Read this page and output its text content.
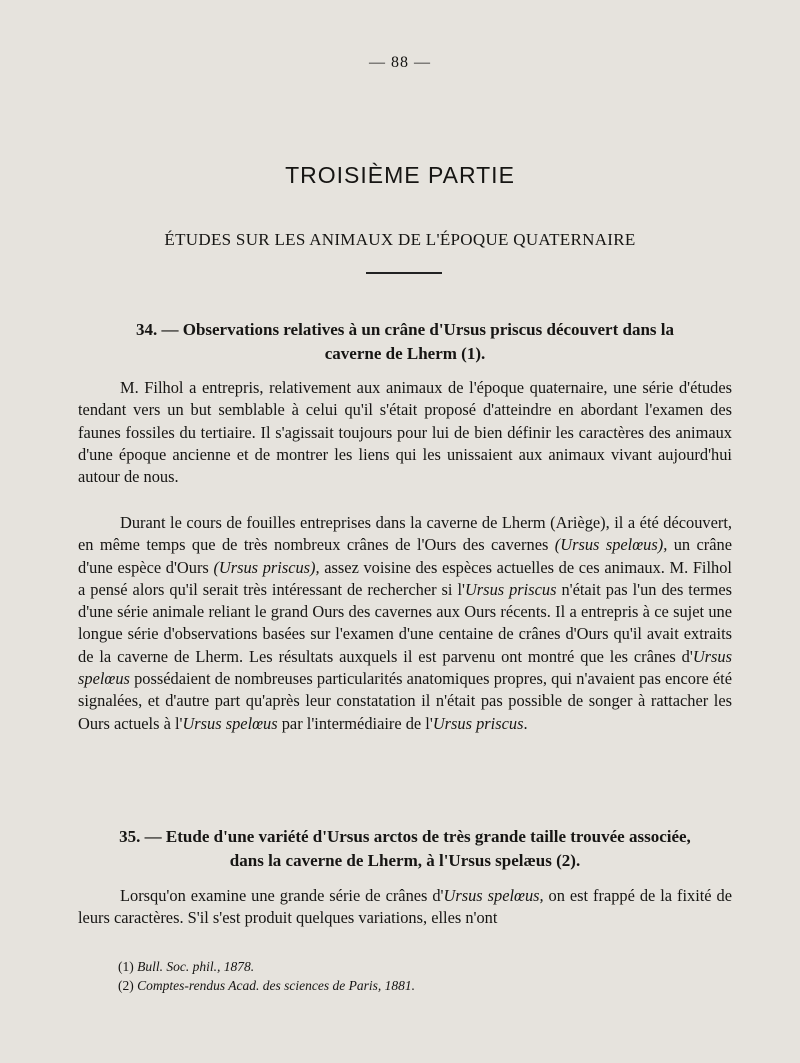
— 88 —
TROISIÈME PARTIE
ÉTUDES SUR LES ANIMAUX DE L'ÉPOQUE QUATERNAIRE
34. — Observations relatives à un crâne d'Ursus priscus découvert dans la
caverne de Lherm (1).

M. Filhol a entrepris, relativement aux animaux de l'époque quaternaire, une série d'études tendant vers un but semblable à celui qu'il s'était proposé d'atteindre en abordant l'examen des faunes fossiles du tertiaire. Il s'agissait toujours pour lui de bien définir les caractères des animaux d'une époque ancienne et de montrer les liens qui les unissaient aux animaux vivant aujourd'hui autour de nous.

Durant le cours de fouilles entreprises dans la caverne de Lherm (Ariège), il a été découvert, en même temps que de très nombreux crânes de l'Ours des cavernes (Ursus spelœus), un crâne d'une espèce d'Ours (Ursus priscus), assez voisine des espèces actuelles de ces animaux. M. Filhol a pensé alors qu'il serait très intéressant de rechercher si l'Ursus priscus n'était pas l'un des termes d'une série animale reliant le grand Ours des cavernes aux Ours récents. Il a entrepris à ce sujet une longue série d'observations basées sur l'examen d'une centaine de crânes d'Ours qu'il avait extraits de la caverne de Lherm. Les résultats auxquels il est parvenu ont montré que les crânes d'Ursus spelœus possédaient de nombreuses particularités anatomiques propres, qui n'avaient pas encore été signalées, et d'autre part qu'après leur constatation il n'était pas possible de songer à rattacher les Ours actuels à l'Ursus spelœus par l'intermédiaire de l'Ursus priscus.

35. — Etude d'une variété d'Ursus arctos de très grande taille trouvée associée,
dans la caverne de Lherm, à l'Ursus spelæus (2).

Lorsqu'on examine une grande série de crânes d'Ursus spelœus, on est frappé de la fixité de leurs caractères. S'il s'est produit quelques variations, elles n'ont

(1) Bull. Soc. phil., 1878.
(2) Comptes-rendus Acad. des sciences de Paris, 1881.
